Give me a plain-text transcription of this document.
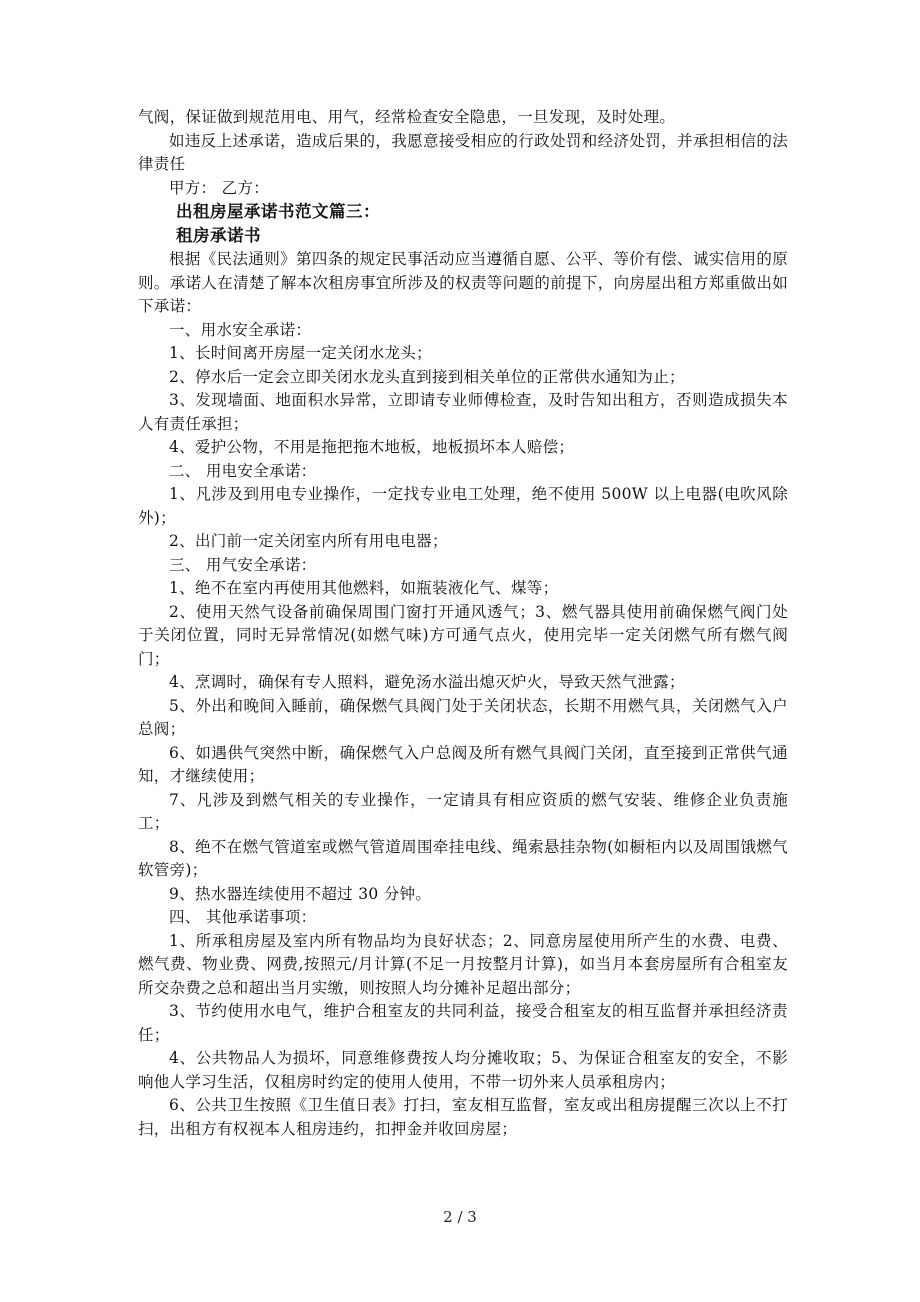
气阀，保证做到规范用电、用气，经常检查安全隐患，一旦发现，及时处理。

如违反上述承诺，造成后果的，我愿意接受相应的行政处罚和经济处罚，并承担相信的法律责任

甲方： 乙方：

出租房屋承诺书范文篇三：

租房承诺书

根据《民法通则》第四条的规定民事活动应当遵循自愿、公平、等价有偿、诚实信用的原则。承诺人在清楚了解本次租房事宜所涉及的权责等问题的前提下，向房屋出租方郑重做出如下承诺：

一、用水安全承诺：

1、长时间离开房屋一定关闭水龙头；

2、停水后一定会立即关闭水龙头直到接到相关单位的正常供水通知为止；

3、发现墙面、地面积水异常，立即请专业师傅检查，及时告知出租方，否则造成损失本人有责任承担；

4、爱护公物，不用是拖把拖木地板，地板损坏本人赔偿；

二、 用电安全承诺：

1、凡涉及到用电专业操作，一定找专业电工处理，绝不使用 500W 以上电器(电吹风除外)；

2、出门前一定关闭室内所有用电电器；

三、 用气安全承诺：

1、绝不在室内再使用其他燃料，如瓶装液化气、煤等；

2、使用天然气设备前确保周围门窗打开通风透气；3、燃气器具使用前确保燃气阀门处于关闭位置，同时无异常情况(如燃气味)方可通气点火，使用完毕一定关闭燃气所有燃气阀门；

4、烹调时，确保有专人照料，避免汤水溢出熄灭炉火，导致天然气泄露；

5、外出和晚间入睡前，确保燃气具阀门处于关闭状态，长期不用燃气具，关闭燃气入户总阀；

6、如遇供气突然中断，确保燃气入户总阀及所有燃气具阀门关闭，直至接到正常供气通知，才继续使用；

7、凡涉及到燃气相关的专业操作，一定请具有相应资质的燃气安装、维修企业负责施工；

8、绝不在燃气管道室或燃气管道周围牵挂电线、绳索悬挂杂物(如橱柜内以及周围饿燃气软管旁)；

9、热水器连续使用不超过 30 分钟。

四、 其他承诺事项：

1、所承租房屋及室内所有物品均为良好状态；2、同意房屋使用所产生的水费、电费、燃气费、物业费、网费,按照元/月计算(不足一月按整月计算)，如当月本套房屋所有合租室友所交杂费之总和超出当月实缴，则按照人均分摊补足超出部分；

3、节约使用水电气，维护合租室友的共同利益，接受合租室友的相互监督并承担经济责任；

4、公共物品人为损坏，同意维修费按人均分摊收取；5、为保证合租室友的安全，不影响他人学习生活，仅租房时约定的使用人使用，不带一切外来人员承租房内；

6、公共卫生按照《卫生值日表》打扫，室友相互监督，室友或出租房提醒三次以上不打扫，出租方有权视本人租房违约，扣押金并收回房屋；

2 / 3
